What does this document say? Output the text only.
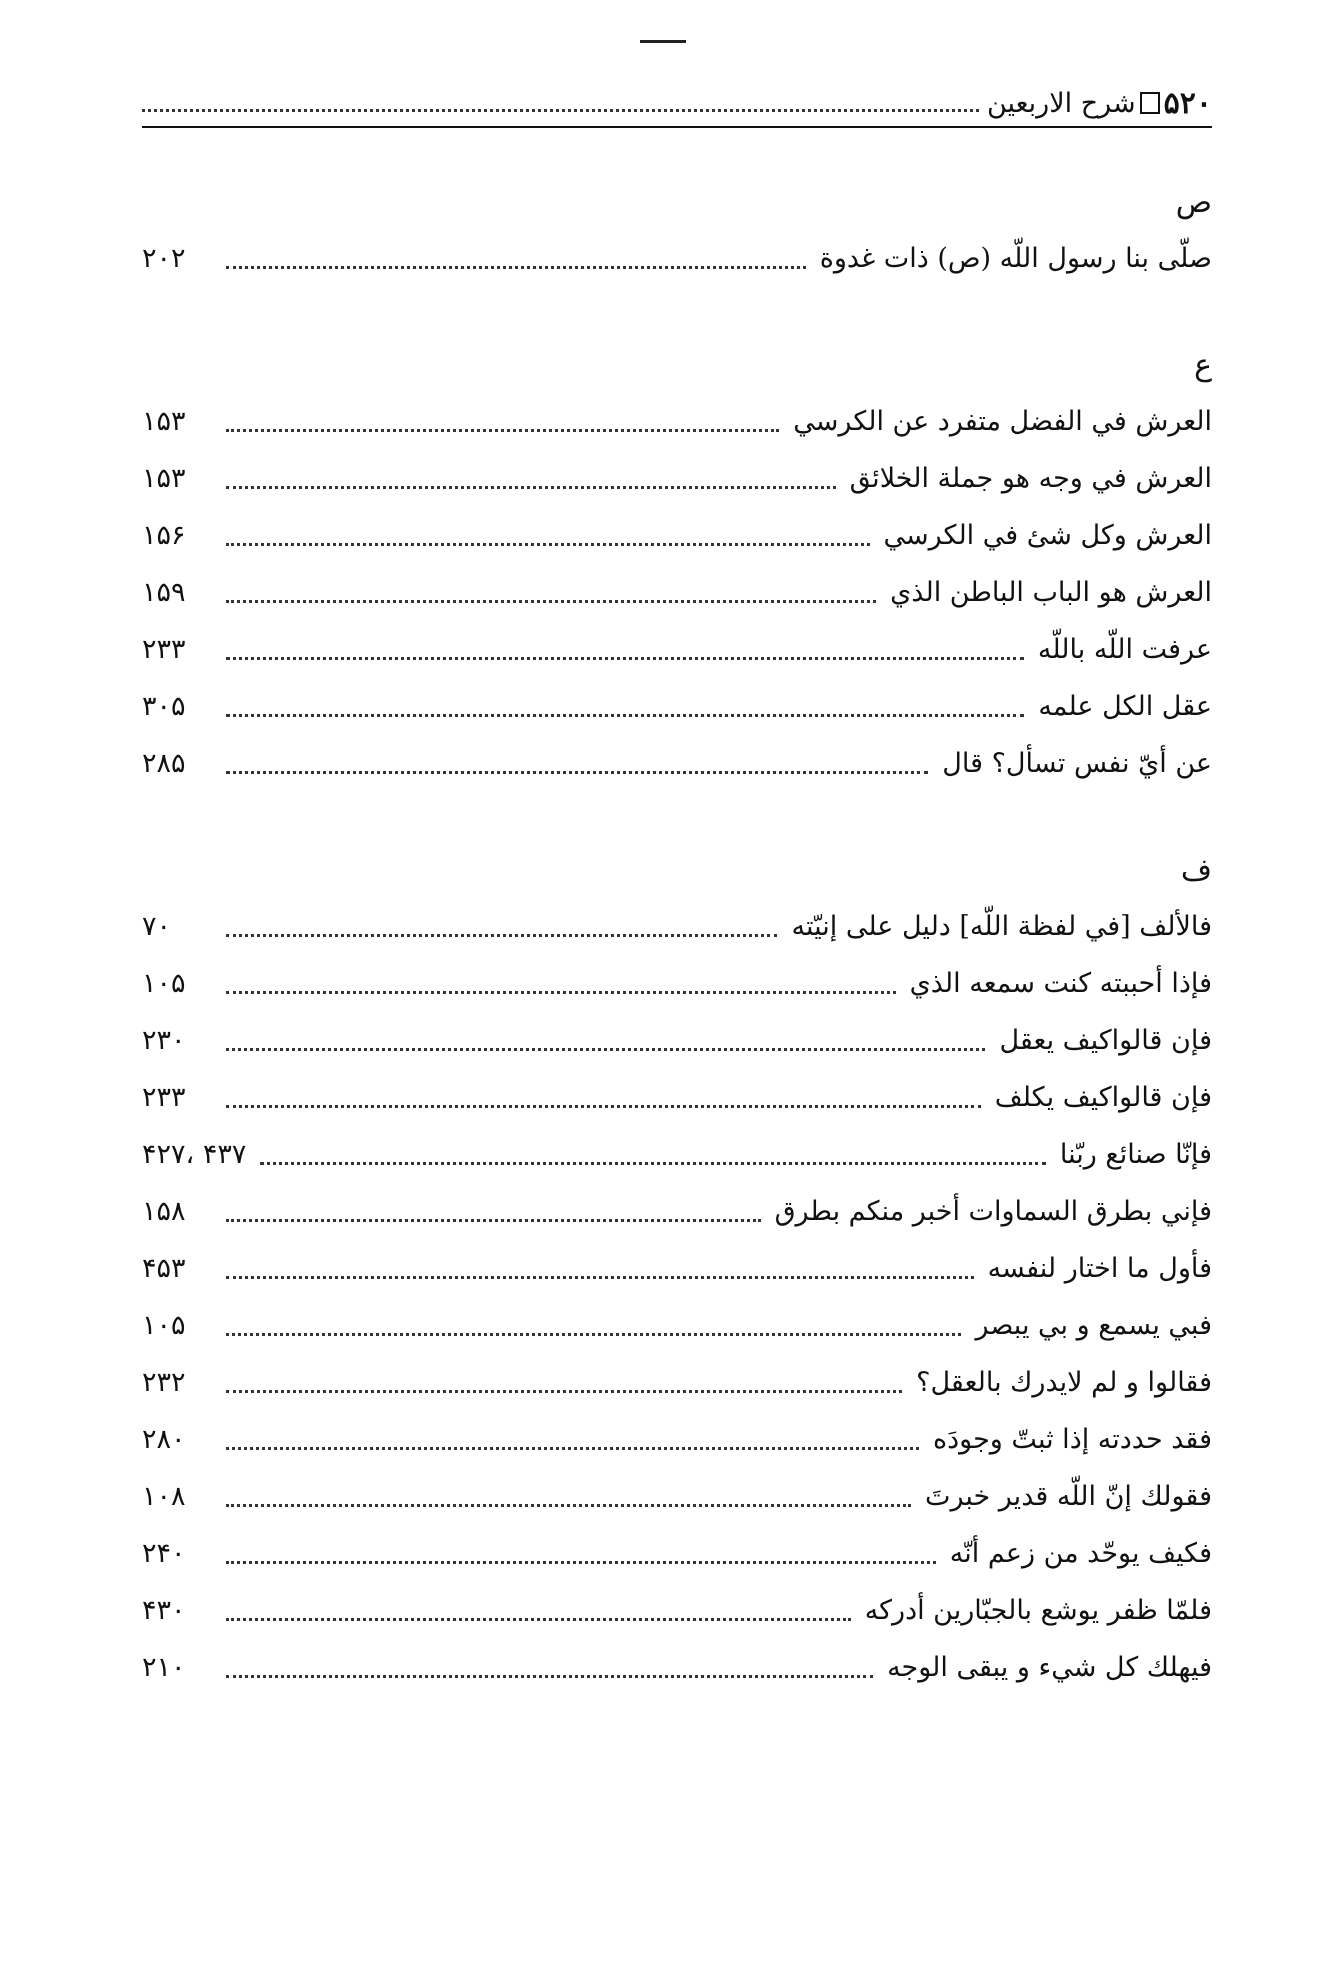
۵۲۰
شرح الاربعين
ص
صلّى بنا رسول اللّه (ص) ذات غدوة
۲۰۲
ع
العرش في الفضل متفرد عن الكرسي
۱۵۳
العرش في وجه هو جملة الخلائق
۱۵۳
العرش وكل شئ في الكرسي
۱۵۶
العرش هو الباب الباطن الذي
۱۵۹
عرفت اللّه باللّه
۲۳۳
عقل الكل علمه
۳۰۵
عن أيّ نفس تسأل؟ قال
۲۸۵
ف
فالألف [في لفظة اللّه] دليل على إنيّته
۷۰
فإذا أحببته كنت سمعه الذي
۱۰۵
فإن قالواكيف يعقل
۲۳۰
فإن قالواكيف يكلف
۲۳۳
فإنّا صنائع ربّنا
۴۳۷ ،۴۲۷
فإني بطرق السماوات أخبر منكم بطرق
۱۵۸
فأول ما اختار لنفسه
۴۵۳
فبي يسمع و بي يبصر
۱۰۵
فقالوا و لم لايدرك بالعقل؟
۲۳۲
فقد حددته إذا ثبتّ وجودَه
۲۸۰
فقولك إنّ اللّه قدير خبرتَ
۱۰۸
فكيف يوحّد من زعم أنّه
۲۴۰
فلمّا ظفر يوشع بالجبّارين أدركه
۴۳۰
فيهلك كل شيء و يبقى الوجه
۲۱۰
